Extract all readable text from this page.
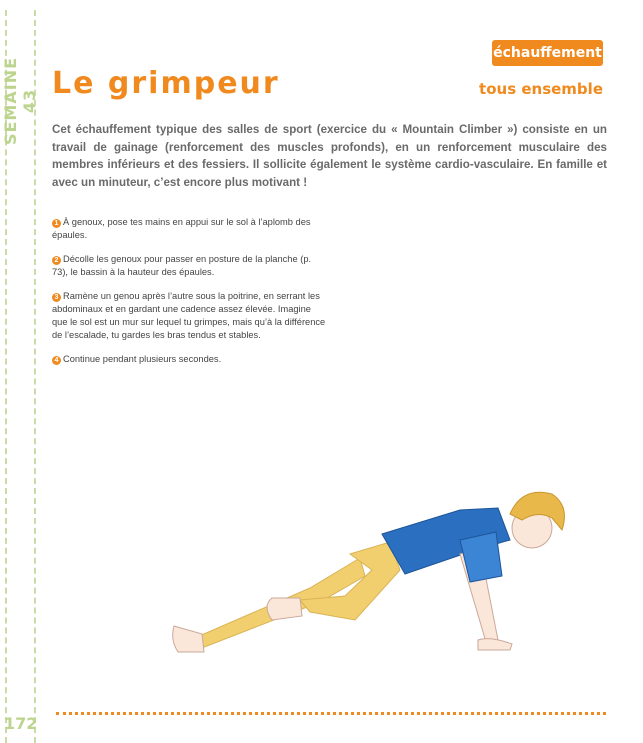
SEMAINE 43
172
échauffement
Le grimpeur	tous ensemble
Cet échauffement typique des salles de sport (exercice du « Mountain Climber ») consiste en un travail de gainage (renforcement des muscles profonds), en un renforcement musculaire des membres inférieurs et des fessiers. Il sollicite également le système cardio-vasculaire. En famille et avec un minuteur, c’est encore plus motivant !
1 À genoux, pose tes mains en appui sur le sol à l’aplomb des épaules.
2 Décolle les genoux pour passer en posture de la planche (p. 73), le bassin à la hauteur des épaules.
3 Ramène un genou après l’autre sous la poitrine, en serrant les abdominaux et en gardant une cadence assez élevée. Imagine que le sol est un mur sur lequel tu grimpes, mais qu’à la différence de l’escalade, tu gardes les bras tendus et stables.
4 Continue pendant plusieurs secondes.
